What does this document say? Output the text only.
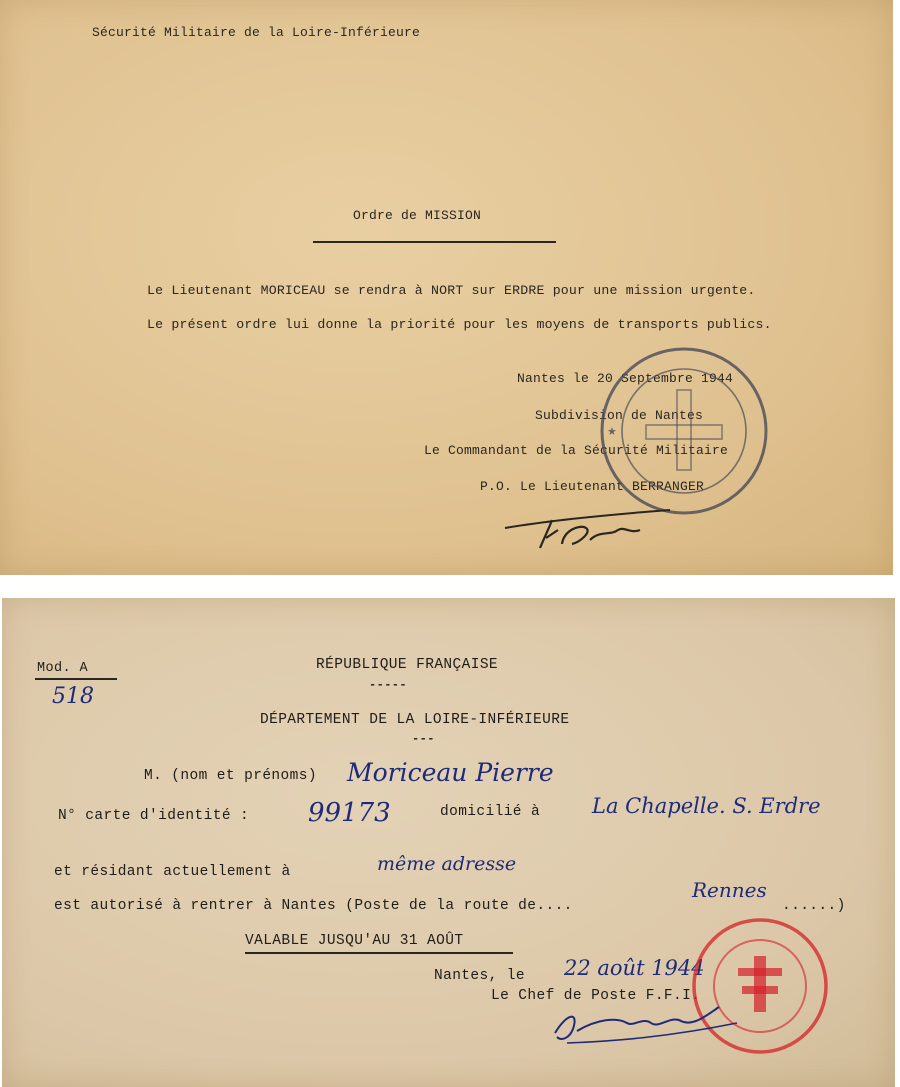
Sécurité Militaire de la Loire-Inférieure
Ordre de MISSION
Le Lieutenant MORICEAU se rendra à NORT sur ERDRE pour une mission urgente.
Le présent ordre lui donne la priorité pour les moyens de transports publics.
Nantes le 20 Septembre 1944
Subdivision de Nantes
Le Commandant de la Sécurité Militaire
P.O. Le Lieutenant BERRANGER
★
Mod. A
518
RÉPUBLIQUE FRANÇAISE
-----
DÉPARTEMENT DE LA LOIRE-INFÉRIEURE
---
M. (nom et prénoms) Moriceau Pierre
N° carte d'identité : 99173	domicilié à La Chapelle. S. Erdre
et résidant actuellement à	même adresse
est autorisé à rentrer à Nantes (Poste de la route de....
Rennes
......)
VALABLE JUSQU'AU 31 AOÛT
Nantes, le 22 août 1944
Le Chef de Poste F.F.I.
